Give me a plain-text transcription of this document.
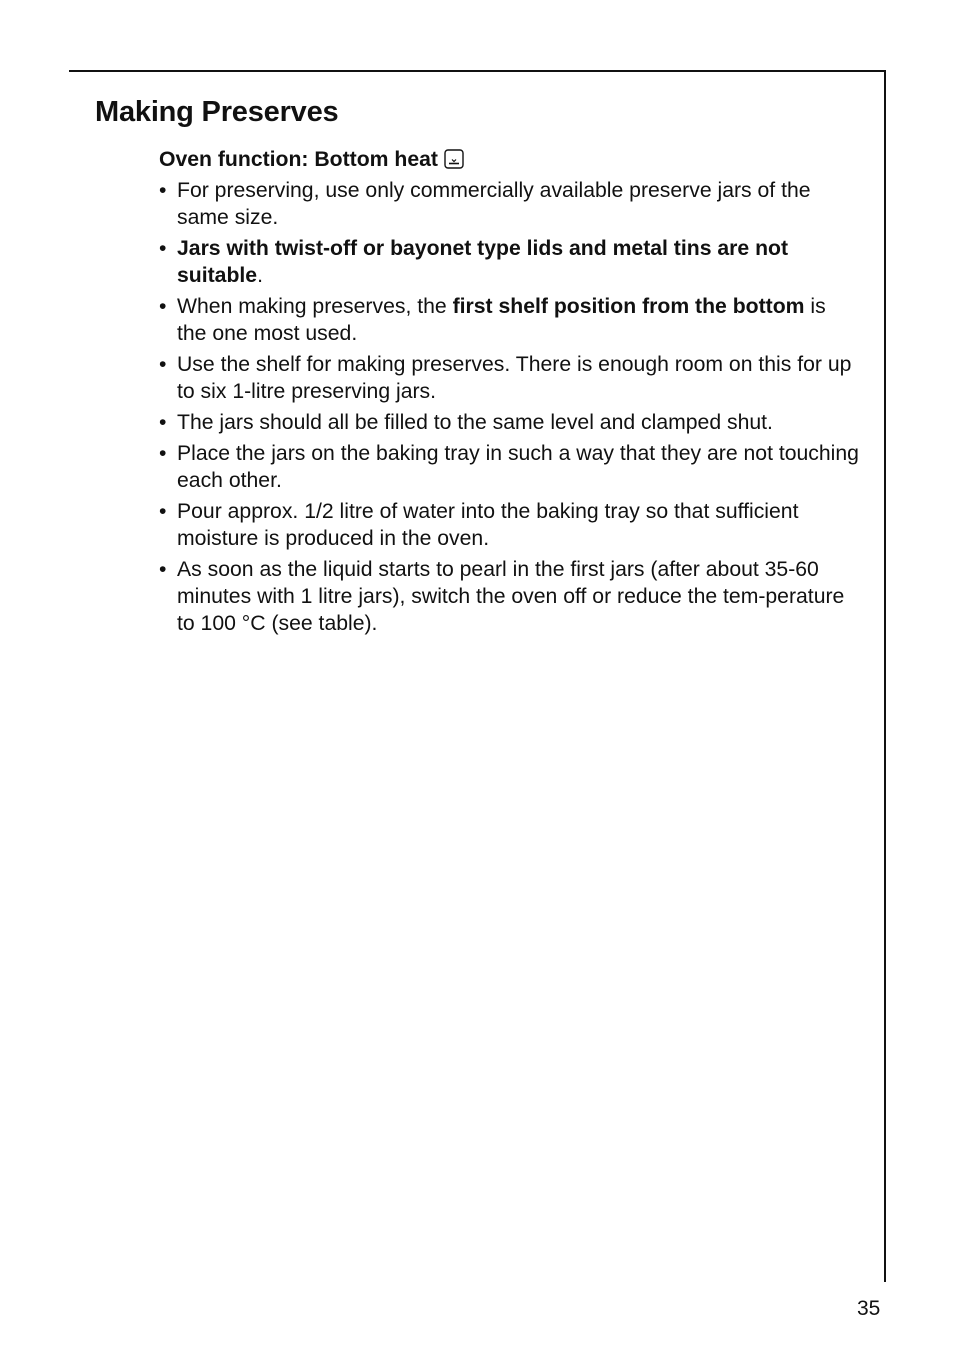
Making Preserves

Oven function: Bottom heat

• For preserving, use only commercially available preserve jars of the same size.
• Jars with twist-off or bayonet type lids and metal tins are not suitable.
• When making preserves, the first shelf position from the bottom is the one most used.
• Use the shelf for making preserves. There is enough room on this for up to six 1-litre preserving jars.
• The jars should all be filled to the same level and clamped shut.
• Place the jars on the baking tray in such a way that they are not touching each other.
• Pour approx. 1/2 litre of water into the baking tray so that sufficient moisture is produced in the oven.
• As soon as the liquid starts to pearl in the first jars (after about 35-60 minutes with 1 litre jars), switch the oven off or reduce the tem-perature to 100 °C (see table).
35
